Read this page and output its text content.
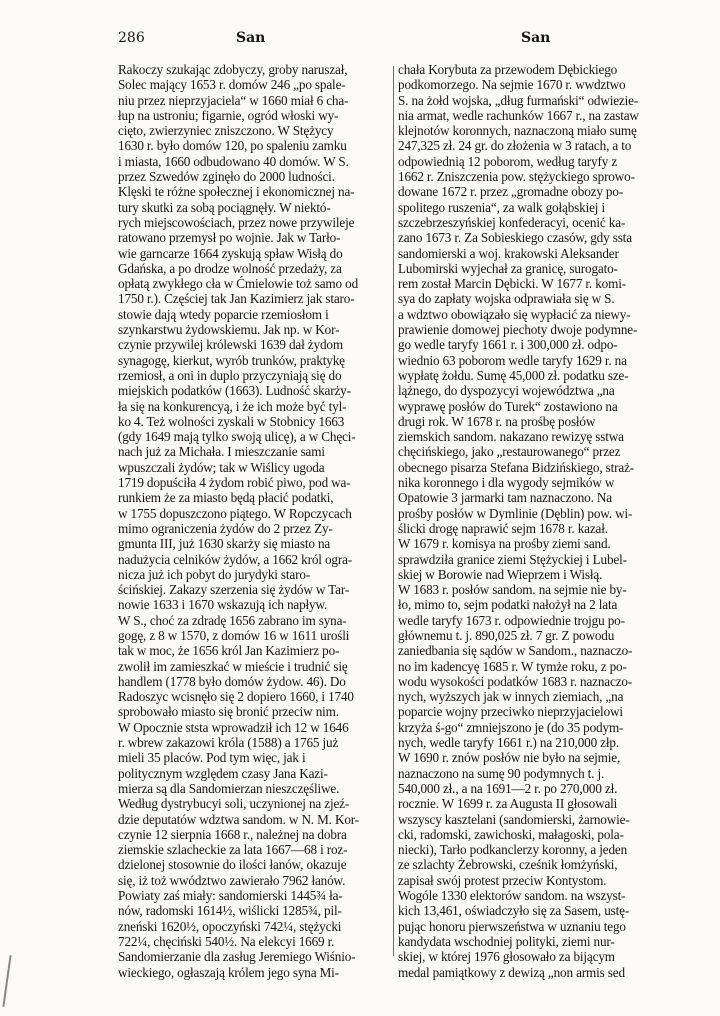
286	San	San
Rakoczy szukając zdobyczy, groby naruszał,
Solec mający 1653 r. domów 246 „po spale-
niu przez nieprzyjaciela“ w 1660 miał 6 cha-
łup na ustroniu; figarnie, ogród włoski wy-
cięto, zwierzyniec zniszczono. W Stężycy
1630 r. było domów 120, po spaleniu zamku
i miasta, 1660 odbudowano 40 domów. W S.
przez Szwedów zginęło do 2000 ludności.
Klęski te różne społecznej i ekonomicznej na-
tury skutki za sobą pociągnęły. W niektó-
rych miejscowościach, przez nowe przywileje
ratowano przemysł po wojnie. Jak w Tarło-
wie garncarze 1664 zyskują spław Wisłą do
Gdańska, a po drodze wolność przedaży, za
opłatą zwykłego cła w Ćmielowie toż samo od
1750 r.). Częściej tak Jan Kazimierz jak staro-
stowie dają wtedy poparcie rzemiosłom i
szynkarstwu żydowskiemu. Jak np. w Kor-
czynie przywilej królewski 1639 dał żydom
synagogę, kierkut, wyrób trunków, praktykę
rzemiosł, a oni in duplo przyczyniają się do
miejskich podatków (1663). Ludność skarży-
ła się na konkurencyą, i że ich może być tyl-
ko 4. Też wolności zyskali w Stobnicy 1663
(gdy 1649 mają tylko swoją ulicę), a w Chęci-
nach już za Michała. I mieszczanie sami
wpuszczali żydów; tak w Wiślicy ugoda
1719 dopuściła 4 żydom robić piwo, pod wa-
runkiem że za miasto będą płacić podatki,
w 1755 dopuszczono piątego. W Ropczycach
mimo ograniczenia żydów do 2 przez Zy-
gmunta III, już 1630 skarży się miasto na
nadużycia celników żydów, a 1662 król ogra-
nicza już ich pobyt do jurydyki staro-
ścińskiej. Zakazy szerzenia się żydów w Tar-
nowie 1633 i 1670 wskazują ich napływ.
W S., choć za zdradę 1656 zabrano im syna-
gogę, z 8 w 1570, z domów 16 w 1611 urośli
tak w moc, że 1656 król Jan Kazimierz po-
zwolił im zamieszkać w mieście i trudnić się
handlem (1778 było domów żydow. 46). Do
Radoszyc wcisnęło się 2 dopiero 1660, i 1740
sprobowało miasto się bronić przeciw nim.
W Opocznie ststa wprowadził ich 12 w 1646
r. wbrew zakazowi króla (1588) a 1765 już
mieli 35 placów. Pod tym więc, jak i
politycznym względem czasy Jana Kazi-
mierza są dla Sandomierzan nieszczęśliwe.
Według dystrybucyi soli, uczynionej na zjeź-
dzie deputatów wdztwa sandom. w N. M. Kor-
czynie 12 sierpnia 1668 r., należnej na dobra
ziemskie szlacheckie za lata 1667—68 i roz-
dzielonej stosownie do ilości łanów, okazuje
się, iż toż wwództwo zawierało 7962 łanów.
Powiaty zaś miały: sandomierski 1445¾ ła-
nów, radomski 1614½, wiślicki 1285¾, pil-
zneński 1620½, opoczyński 742¼, stężycki
722¼, chęciński 540½. Na elekcyi 1669 r.
Sandomierzanie dla zasług Jeremiego Wiśnio-
wieckiego, ogłaszają królem jego syna Mi-
chała Korybuta za przewodem Dębickiego
podkomorzego. Na sejmie 1670 r. wwdztwo
S. na żołd wojska, „dług furmański“ odwiezie-
nia armat, wedle rachunków 1667 r., na zastaw
klejnotów koronnych, naznaczoną miało sumę
247,325 zł. 24 gr. do złożenia w 3 ratach, a to
odpowiednią 12 poborom, według taryfy z
1662 r. Zniszczenia pow. stężyckiego sprowo-
dowane 1672 r. przez „gromadne obozy po-
spolitego ruszenia“, za walk gołąbskiej i
szczebrzeszyńskiej konfederacyi, ocenić ka-
zano 1673 r. Za Sobieskiego czasów, gdy ssta
sandomierski a woj. krakowski Aleksander
Lubomirski wyjechał za granicę, surogato-
rem został Marcin Dębicki. W 1677 r. komi-
sya do zapłaty wojska odprawiała się w S.
a wdztwo obowiązało się wypłacić za niewy-
prawienie domowej piechoty dwoje podymne-
go wedle taryfy 1661 r. i 300,000 zł. odpo-
wiednio 63 poborom wedle taryfy 1629 r. na
wypłatę żołdu. Sumę 45,000 zł. podatku sze-
lążnego, do dyspozycyi województwa „na
wyprawę posłów do Turek“ zostawiono na
drugi rok. W 1678 r. na prośbę posłów
ziemskich sandom. nakazano rewizyę sstwa
chęcińskiego, jako „restaurowanego“ przez
obecnego pisarza Stefana Bidzińskiego, straż-
nika koronnego i dla wygody sejmików w
Opatowie 3 jarmarki tam naznaczono. Na
prośby posłów w Dymlinie (Dęblin) pow. wi-
ślicki drogę naprawić sejm 1678 r. kazał.
W 1679 r. komisya na prośby ziemi sand.
sprawdziła granice ziemi Stężyckiej i Lubel-
skiej w Borowie nad Wieprzem i Wisłą.
W 1683 r. posłów sandom. na sejmie nie by-
ło, mimo to, sejm podatki nałożył na 2 lata
wedle taryfy 1673 r. odpowiednie trojgu po-
głównemu t. j. 890,025 zł. 7 gr. Z powodu
zaniedbania się sądów w Sandom., naznaczo-
no im kadencyę 1685 r. W tymże roku, z po-
wodu wysokości podatków 1683 r. naznaczo-
nych, wyższych jak w innych ziemiach, „na
poparcie wojny przeciwko nieprzyjacielowi
krzyża ś-go“ zmniejszono je (do 35 podym-
nych, wedle taryfy 1661 r.) na 210,000 złp.
W 1690 r. znów posłów nie było na sejmie,
naznaczono na sumę 90 podymnych t. j.
540,000 zł., a na 1691—2 r. po 270,000 zł.
rocznie. W 1699 r. za Augusta II głosowali
wszyscy kasztelani (sandomierski, żarnowie-
cki, radomski, zawichoski, małagoski, pola-
niecki), Tarło podkanclerzy koronny, a jeden
ze szlachty Żebrowski, cześnik łomżyński,
zapisał swój protest przeciw Kontystom.
Wogóle 1330 elektorów sandom. na wszyst-
kich 13,461, oświadczyło się za Sasem, ustę-
pując honoru pierwszeństwa w uznaniu tego
kandydata wschodniej polityki, ziemi nur-
skiej, w której 1976 głosowało za bijącym
medal pamiątkowy z dewizą „non armis sed
